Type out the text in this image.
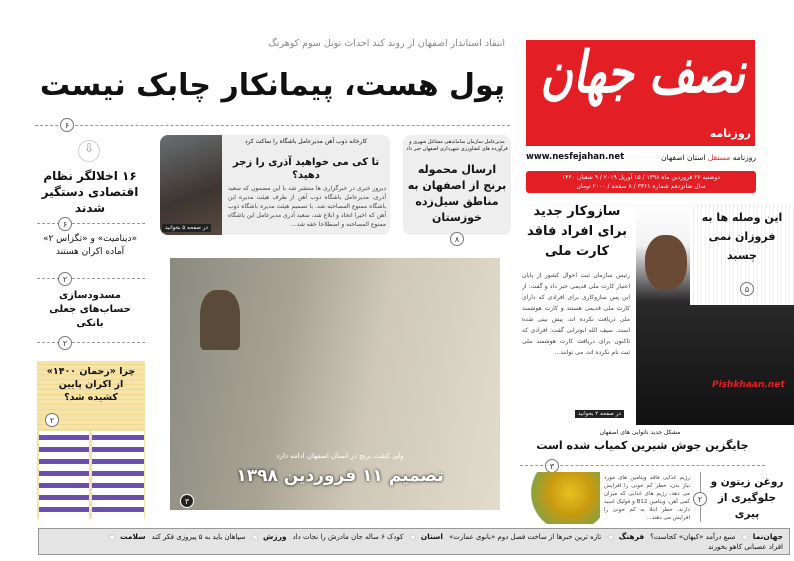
انتقاد استاندار اصفهان از روند کند احداث تونل سوم کوهرنگ
پول هست، پیمانکار چابک نیست
۶
نصف جهان
روزنامه
www.nesfejahan.net	روزنامه مستقل استان اصفهان
دوشنبه ۲۶ فروردین ماه ۱۳۹۸ / ۱۵ آوریل ۲۰۱۹ / ۹ شعبان ۱۴۴۰
سال شانزدهم شماره ۳۳۶۱ / ۸ صفحه / ۲۰۰۰ تومان
در صفحه ۵ بخوانید
کارخانه ذوب آهن مدیرعامل باشگاه را ساکت کرد
تا کی می خواهید آذری را زجر دهید؟
دیروز خبری در خبرگزاری ها منتشر شد با این مضمون که سعید آذری، مدیرعامل باشگاه ذوب آهن از طرف هیئت مدیره این باشگاه ممنوع المصاحبه شد. با تصمیم هیئت مدیره باشگاه ذوب آهن که اخیرا اتخاذ و ابلاغ شد، سعید آذری مدیرعامل این باشگاه ممنوع المصاحبه و اصطلاحا خفه شد...
مدیرعامل سازمان ساماندهی مشاغل شهری و فرآورده های کشاورزی شهرداری اصفهان خبر داد
ارسال محموله برنج از اصفهان به مناطق سیل‌زده خوزستان
۸
⇩
۱۶ اخلالگر نظام اقتصادی دستگیر شدند
۶
«دینامیت» و «تگزاس ۲» آماده اکران هستند
۲
مسدودسازی حساب‌های جعلی بانکی
۲
چرا «رحمان ۱۴۰۰» از اکران پایین کشیده شد؟
۲
ولی کشت برنج در استان اصفهان ادامه دارد
تصمیم ۱۱ فروردین ۱۳۹۸
۳
سازوکار جدید برای افراد فاقد کارت ملی
رئیس سازمان ثبت احوال کشور از پایان اعتبار کارت ملی قدیمی خبر داد و گفت: از این پس سازوکاری برای افرادی که دارای کارت ملی قدیمی هستند و کارت هوشمند ملی دریافت نکرده اند، پیش بینی شده است. سیف الله ابوترابی گفت: افرادی که تاکنون برای دریافت کارت هوشمند ملی ثبت نام نکرده اند، می توانند...
در صفحه ۲ بخوانید
این وصله ها به فروزان نمی چسبد
۵
Pishkhaan.net
مشکل جدید نانوایی های اصفهان
جایگزین جوش شیرین کمیاب شده است
۳
روغن زیتون و جلوگیری از پیری
۲
رژیم غذایی فاقد ویتامین های مورد نیاز بدن، خطر کم خونی را افزایش می دهد. رژیم های غذایی که میزان کمی آهن، ویتامین B12 و فولیک اسید دارند، خطر ابتلا به کم خونی را افزایش می دهند...
جهان‌نما
◀
منبع درآمد «کیهان» کجاست؟
فرهنگ
◀
تازه ترین خبرها از ساخت فصل دوم «بانوی عمارت»
استان
◀
کودک ۶ ساله جان مادرش را نجات داد
ورزش
◀
سپاهان باید به ۵ پیروزی فکر کند
سلامت
◀
افراد عصبانی کاهو بخورند
